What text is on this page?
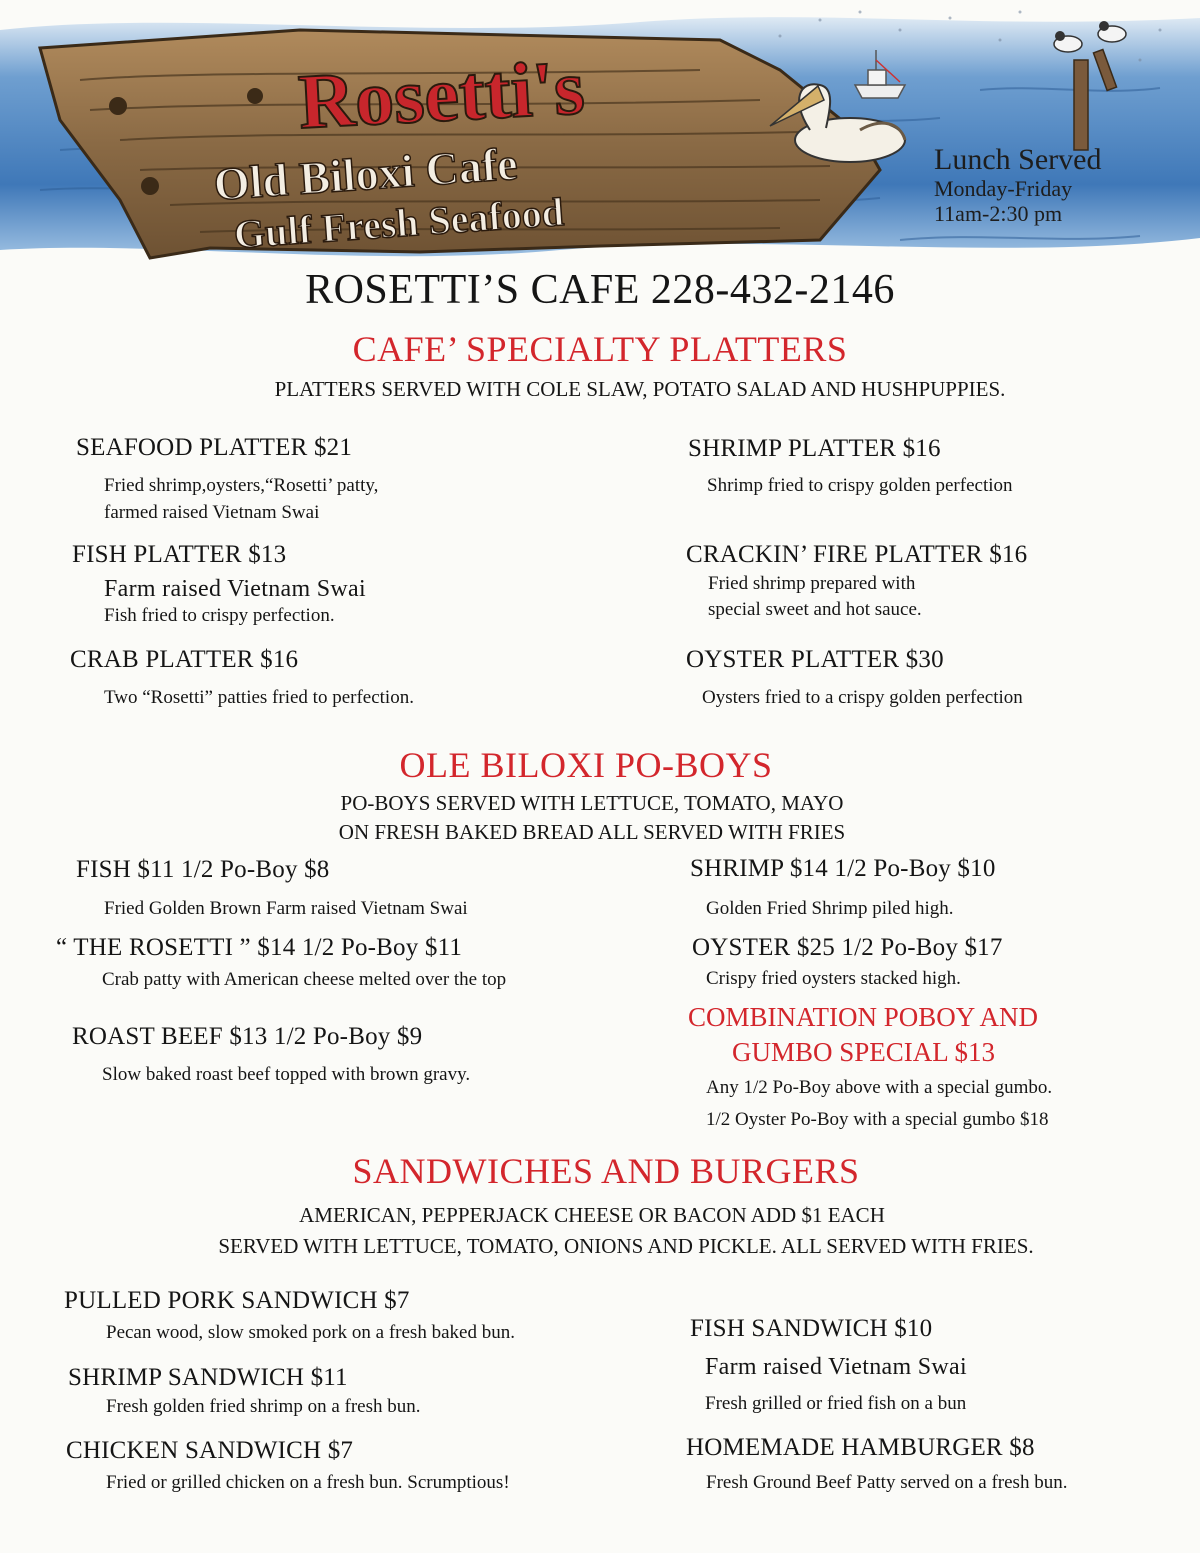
Rosetti's
Old Biloxi Cafe
Gulf Fresh Seafood
Lunch Served
Monday-Friday
11am-2:30 pm
ROSETTI’S CAFE 228-432-2146
CAFE’ SPECIALTY PLATTERS
PLATTERS SERVED WITH COLE SLAW, POTATO SALAD AND HUSHPUPPIES.
SEAFOOD PLATTER $21
Fried shrimp,oysters,“Rosetti’ patty,
farmed raised Vietnam Swai
SHRIMP PLATTER $16
Shrimp fried to crispy golden perfection
FISH PLATTER $13
Farm raised Vietnam Swai
Fish fried to crispy perfection.
CRACKIN’ FIRE PLATTER $16
Fried shrimp prepared with
special sweet and hot sauce.
CRAB PLATTER $16
Two “Rosetti” patties fried to perfection.
OYSTER PLATTER $30
Oysters fried to a crispy golden perfection
OLE BILOXI PO-BOYS
PO-BOYS SERVED WITH LETTUCE, TOMATO, MAYO
ON FRESH BAKED BREAD ALL SERVED WITH FRIES
FISH $11 1/2 Po-Boy $8
Fried Golden Brown Farm raised Vietnam Swai
SHRIMP $14 1/2 Po-Boy $10
Golden Fried Shrimp piled high.
“ THE ROSETTI ” $14 1/2 Po-Boy $11
Crab patty with American cheese melted over the top
OYSTER $25 1/2 Po-Boy $17
Crispy fried oysters stacked high.
ROAST BEEF $13 1/2 Po-Boy $9
Slow baked roast beef topped with brown gravy.
COMBINATION POBOY AND
GUMBO SPECIAL $13
Any 1/2 Po-Boy above with a special gumbo.
1/2 Oyster Po-Boy with a special gumbo $18
SANDWICHES AND BURGERS
AMERICAN, PEPPERJACK CHEESE OR BACON ADD $1 EACH
SERVED WITH LETTUCE, TOMATO, ONIONS AND PICKLE. ALL SERVED WITH FRIES.
PULLED PORK SANDWICH $7
Pecan wood, slow smoked pork on a fresh baked bun.	FISH SANDWICH $10
Farm raised Vietnam Swai
Fresh grilled or fried fish on a bun
SHRIMP SANDWICH $11
Fresh golden fried shrimp on a fresh bun.
CHICKEN SANDWICH $7
Fried or grilled chicken on a fresh bun. Scrumptious!
HOMEMADE HAMBURGER $8
Fresh Ground Beef Patty served on a fresh bun.
